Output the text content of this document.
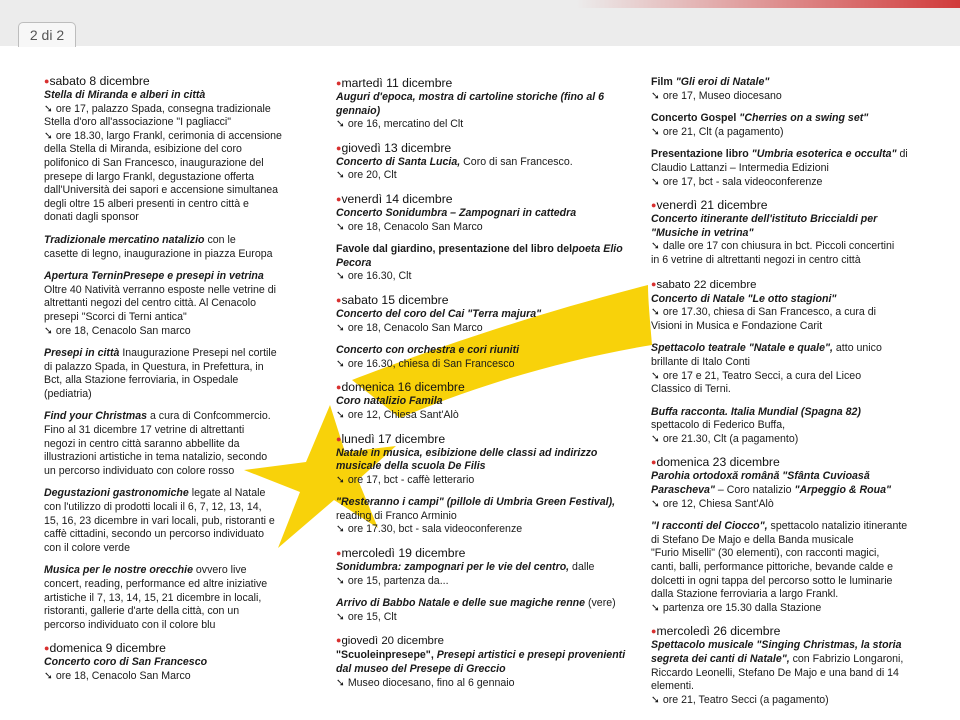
2 di 2
●sabato 8 dicembre
Stella di Miranda e alberi in città
➘ ore 17, palazzo Spada, consegna tradizionale
Stella d'oro all'associazione "I pagliacci"
➘ ore 18.30, largo Frankl, cerimonia di accensione
della Stella di Miranda, esibizione del coro
polifonico di San Francesco, inaugurazione del
presepe di largo Frankl, degustazione offerta
dall'Università dei sapori e accensione simultanea
degli oltre 15 alberi presenti in centro città e
donati dagli sponsor
Tradizionale mercatino natalizio con le
casette di legno, inaugurazione in piazza Europa
Apertura TerninPresepe e presepi in vetrina
Oltre 40 Natività verranno esposte nelle vetrine di
altrettanti negozi del centro città. Al Cenacolo
presepi "Scorci di Terni antica"
➘ ore 18, Cenacolo San marco
Presepi in città Inaugurazione Presepi nel cortile
di palazzo Spada, in Questura, in Prefettura, in
Bct, alla Stazione ferroviaria, in Ospedale
(pediatria)
Find your Christmas a cura di Confcommercio.
Fino al 31 dicembre 17 vetrine di altrettanti
negozi in centro città saranno abbellite da
illustrazioni artistiche in tema natalizio, secondo
un percorso individuato con colore rosso
Degustazioni gastronomiche legate al Natale
con l'utilizzo di prodotti locali il 6, 7, 12, 13, 14,
15, 16, 23 dicembre in vari locali, pub, ristoranti e
caffè cittadini, secondo un percorso individuato
con il colore verde
Musica per le nostre orecchie ovvero live
concert, reading, performance ed altre iniziative
artistiche il 7, 13, 14, 15, 21 dicembre in locali,
ristoranti, gallerie d'arte della città, con un
percorso individuato con il colore blu
●domenica 9 dicembre
Concerto coro di San Francesco
➘ ore 18, Cenacolo San Marco
●martedì 11 dicembre
Auguri d'epoca, mostra di cartoline storiche (fino al 6 gennaio)
➘ ore 16, mercatino del Clt
●giovedì 13 dicembre
Concerto di Santa Lucia, Coro di san Francesco.
➘ ore 20, Clt
●venerdì 14 dicembre
Concerto Sonidumbra – Zampognari in cattedra
➘ ore 18, Cenacolo San Marco
Favole dal giardino, presentazione del libro delpoeta Elio Pecora
➘ ore 16.30, Clt
●sabato 15 dicembre
Concerto del coro del Cai "Terra majura"
➘ ore 18, Cenacolo San Marco
Concerto con orchestra e cori riuniti
➘ ore 16.30, chiesa di San Francesco
●domenica 16 dicembre
Coro natalizio Famila
➘ ore 12, Chiesa Sant'Alò
●lunedì 17 dicembre
Natale in musica, esibizione delle classi ad indirizzo musicale della scuola De Filis
➘ ore 17, bct - caffè letterario
"Resteranno i campi" (pillole di Umbria Green Festival), reading di Franco Arminio
➘ ore 17.30, bct - sala videoconferenze
●mercoledì 19 dicembre
Sonidumbra: zampognari per le vie del centro, dalle
➘ ore 15, partenza da...
Arrivo di Babbo Natale e delle sue magiche renne (vere)
➘ ore 15, Clt
●giovedì 20 dicembre
"Scuoleinpresepe", Presepi artistici e presepi provenienti dal museo del Presepe di Greccio
➘ Museo diocesano, fino al 6 gennaio
Film "Gli eroi di Natale"
➘ ore 17, Museo diocesano
Concerto Gospel "Cherries on a swing set"
➘ ore 21, Clt (a pagamento)
Presentazione libro "Umbria esoterica e occulta" di Claudio Lattanzi – Intermedia Edizioni
➘ ore 17, bct - sala videoconferenze
●venerdì 21 dicembre
Concerto itinerante dell'istituto Briccialdi per "Musiche in vetrina"
➘ dalle ore 17 con chiusura in bct. Piccoli concertini
in 6 vetrine di altrettanti negozi in centro città
●sabato 22 dicembre
Concerto di Natale "Le otto stagioni"
➘ ore 17.30, chiesa di San Francesco, a cura di
Visioni in Musica e Fondazione Carit
Spettacolo teatrale "Natale e quale", atto unico brillante di Italo Conti
➘ ore 17 e 21, Teatro Secci, a cura del Liceo
Classico di Terni.
Buffa racconta. Italia Mundial (Spagna 82)
spettacolo di Federico Buffa,
➘ ore 21.30, Clt (a pagamento)
●domenica 23 dicembre
Parohia ortodoxă română "Sfânta Cuvioasă Parascheva" – Coro natalizio "Arpeggio & Roua"
➘ ore 12, Chiesa Sant'Alò
"I racconti del Ciocco", spettacolo natalizio itinerante di Stefano De Majo e della Banda musicale
"Furio Miselli" (30 elementi), con racconti magici,
canti, balli, performance pittoriche, bevande calde e
dolcetti in ogni tappa del percorso sotto le luminarie
dalla Stazione ferroviaria a largo Frankl.
➘ partenza ore 15.30 dalla Stazione
●mercoledì 26 dicembre
Spettacolo musicale "Singing Christmas, la storia segreta dei canti di Natale", con Fabrizio Longaroni, Riccardo Leonelli, Stefano De Majo e una band di 14 elementi.
➘ ore 21, Teatro Secci (a pagamento)
